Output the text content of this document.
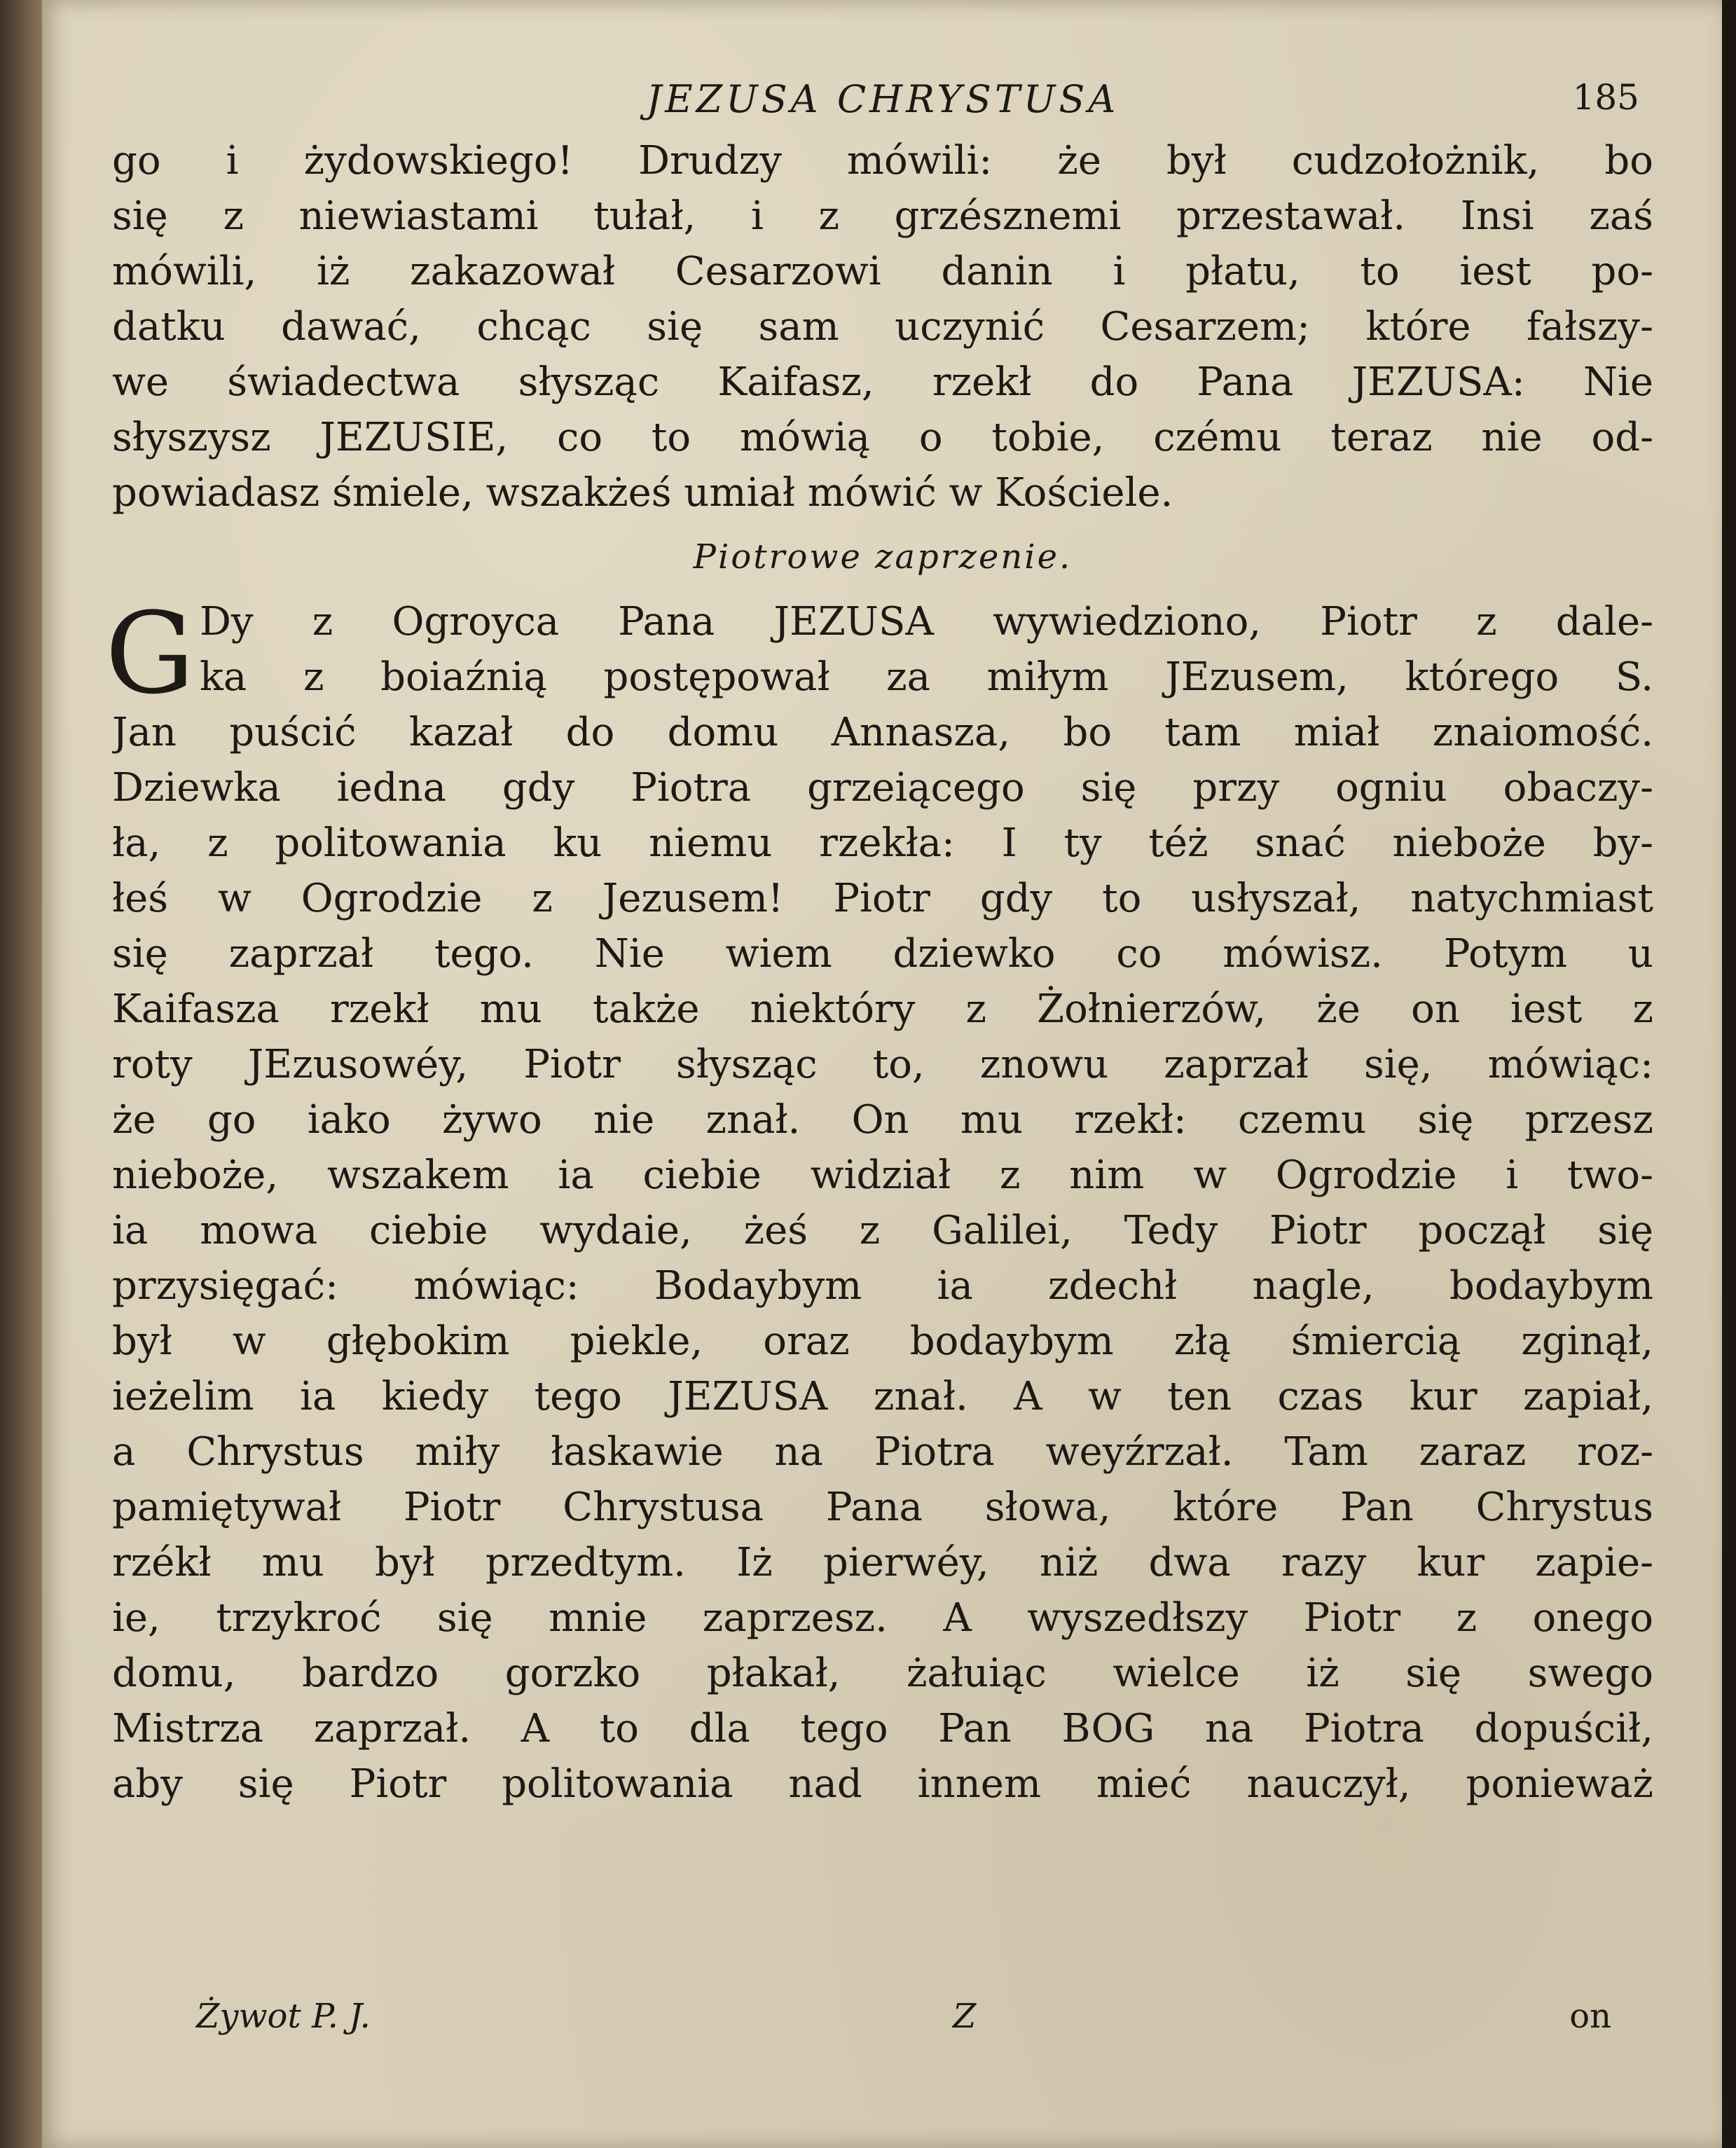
JEZUSA CHRYSTUSA	185
go i żydowskiego! Drudzy mówili: że był cudzołożnik, bo
się z niewiastami tułał, i z grzésznemi przestawał. Insi zaś
mówili, iż zakazował Cesarzowi danin i płatu, to iest po-
datku dawać, chcąc się sam uczynić Cesarzem; które fałszy-
we świadectwa słysząc Kaifasz, rzekł do Pana JEZUSA: Nie
słyszysz JEZUSIE, co to mówią o tobie, czému teraz nie od-
powiadasz śmiele, wszakżeś umiał mówić w Kościele.
Piotrowe zaprzenie.
G Dy z Ogroyca Pana JEZUSA wywiedziono, Piotr z dale-
ka z boiaźnią postępował za miłym JEzusem, którego S.
Jan puścić kazał do domu Annasza, bo tam miał znaiomość.
Dziewka iedna gdy Piotra grzeiącego się przy ogniu obaczy-
ła, z politowania ku niemu rzekła: I ty téż snać nieboże by-
łeś w Ogrodzie z Jezusem! Piotr gdy to usłyszał, natychmiast
się zaprzał tego. Nie wiem dziewko co mówisz. Potym u
Kaifasza rzekł mu także niektóry z Żołnierzów, że on iest z
roty JEzusowéy, Piotr słysząc to, znowu zaprzał się, mówiąc:
że go iako żywo nie znał. On mu rzekł: czemu się przesz
nieboże, wszakem ia ciebie widział z nim w Ogrodzie i two-
ia mowa ciebie wydaie, żeś z Galilei, Tedy Piotr począł się
przysięgać: mówiąc: Bodaybym ia zdechł nagle, bodaybym
był w głębokim piekle, oraz bodaybym złą śmiercią zginął,
ieżelim ia kiedy tego JEZUSA znał. A w ten czas kur zapiał,
a Chrystus miły łaskawie na Piotra weyźrzał. Tam zaraz roz-
pamiętywał Piotr Chrystusa Pana słowa, które Pan Chrystus
rzékł mu był przedtym. Iż pierwéy, niż dwa razy kur zapie-
ie, trzykroć się mnie zaprzesz. A wyszedłszy Piotr z onego
domu, bardzo gorzko płakał, żałuiąc wielce iż się swego
Mistrza zaprzał. A to dla tego Pan BOG na Piotra dopuścił,
aby się Piotr politowania nad innem mieć nauczył, ponieważ
Żywot P. J.	Z	on
